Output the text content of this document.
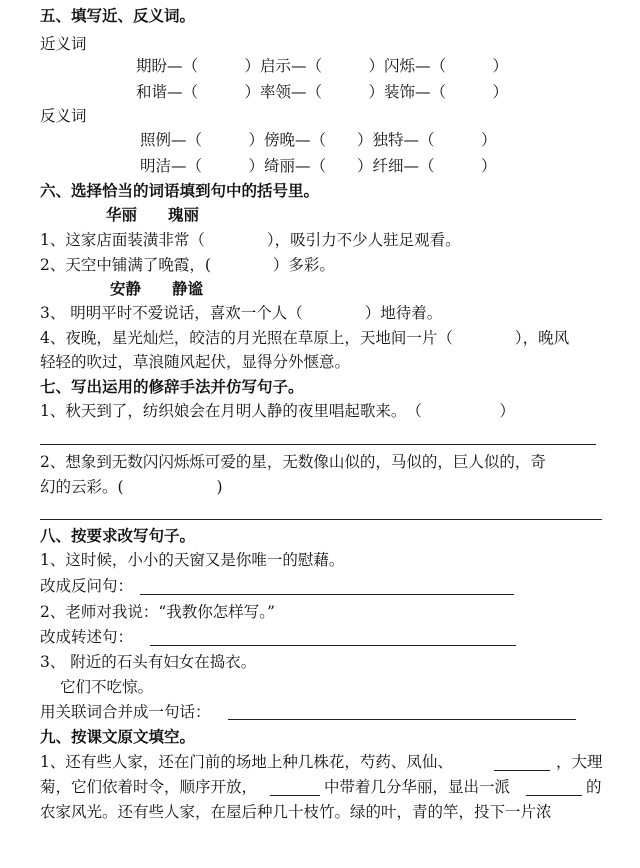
五、填写近、反义词。
近义词
期盼—（　　　）启示—（　　　）闪烁—（　　　）
和谐—（　　　）率领—（　　　）装饰—（　　　）
反义词
照例—（　　　）傍晚—（　　）独特—（　　　）
明洁—（　　　）绮丽—（　　）纤细—（　　　）
六、选择恰当的词语填到句中的括号里。
华丽　　瑰丽
1、这家店面装潢非常（　　　　），吸引力不少人驻足观看。
2、天空中铺满了晚霞，(　　　　）多彩。
安静　　静谧
3、 明明平时不爱说话，喜欢一个人（　　　　）地待着。
4、夜晚，星光灿烂，皎洁的月光照在草原上，天地间一片（　　　　），晚风
轻轻的吹过，草浪随风起伏，显得分外惬意。
七、写出运用的修辞手法并仿写句子。
1、秋天到了，纺织娘会在月明人静的夜里唱起歌来。　（　　　　　）
2、想象到无数闪闪烁烁可爱的星，无数像山似的，马似的，巨人似的，奇
幻的云彩。(　　　　　　)
八、按要求改写句子。
1、这时候，小小的天窗又是你唯一的慰藉。
改成反问句：
2、老师对我说：“我教你怎样写。”
改成转述句：
3、 附近的石头有妇女在捣衣。
它们不吃惊。
用关联词合并成一句话：
九、按课文原文填空。
1、还有些人家，还在门前的场地上种几株花，芍药、凤仙、	，大理
菊，它们依着时令，顺序开放，	中带着几分华丽，显出一派	的
农家风光。还有些人家，在屋后种几十枝竹。绿的叶，青的竿，投下一片浓
